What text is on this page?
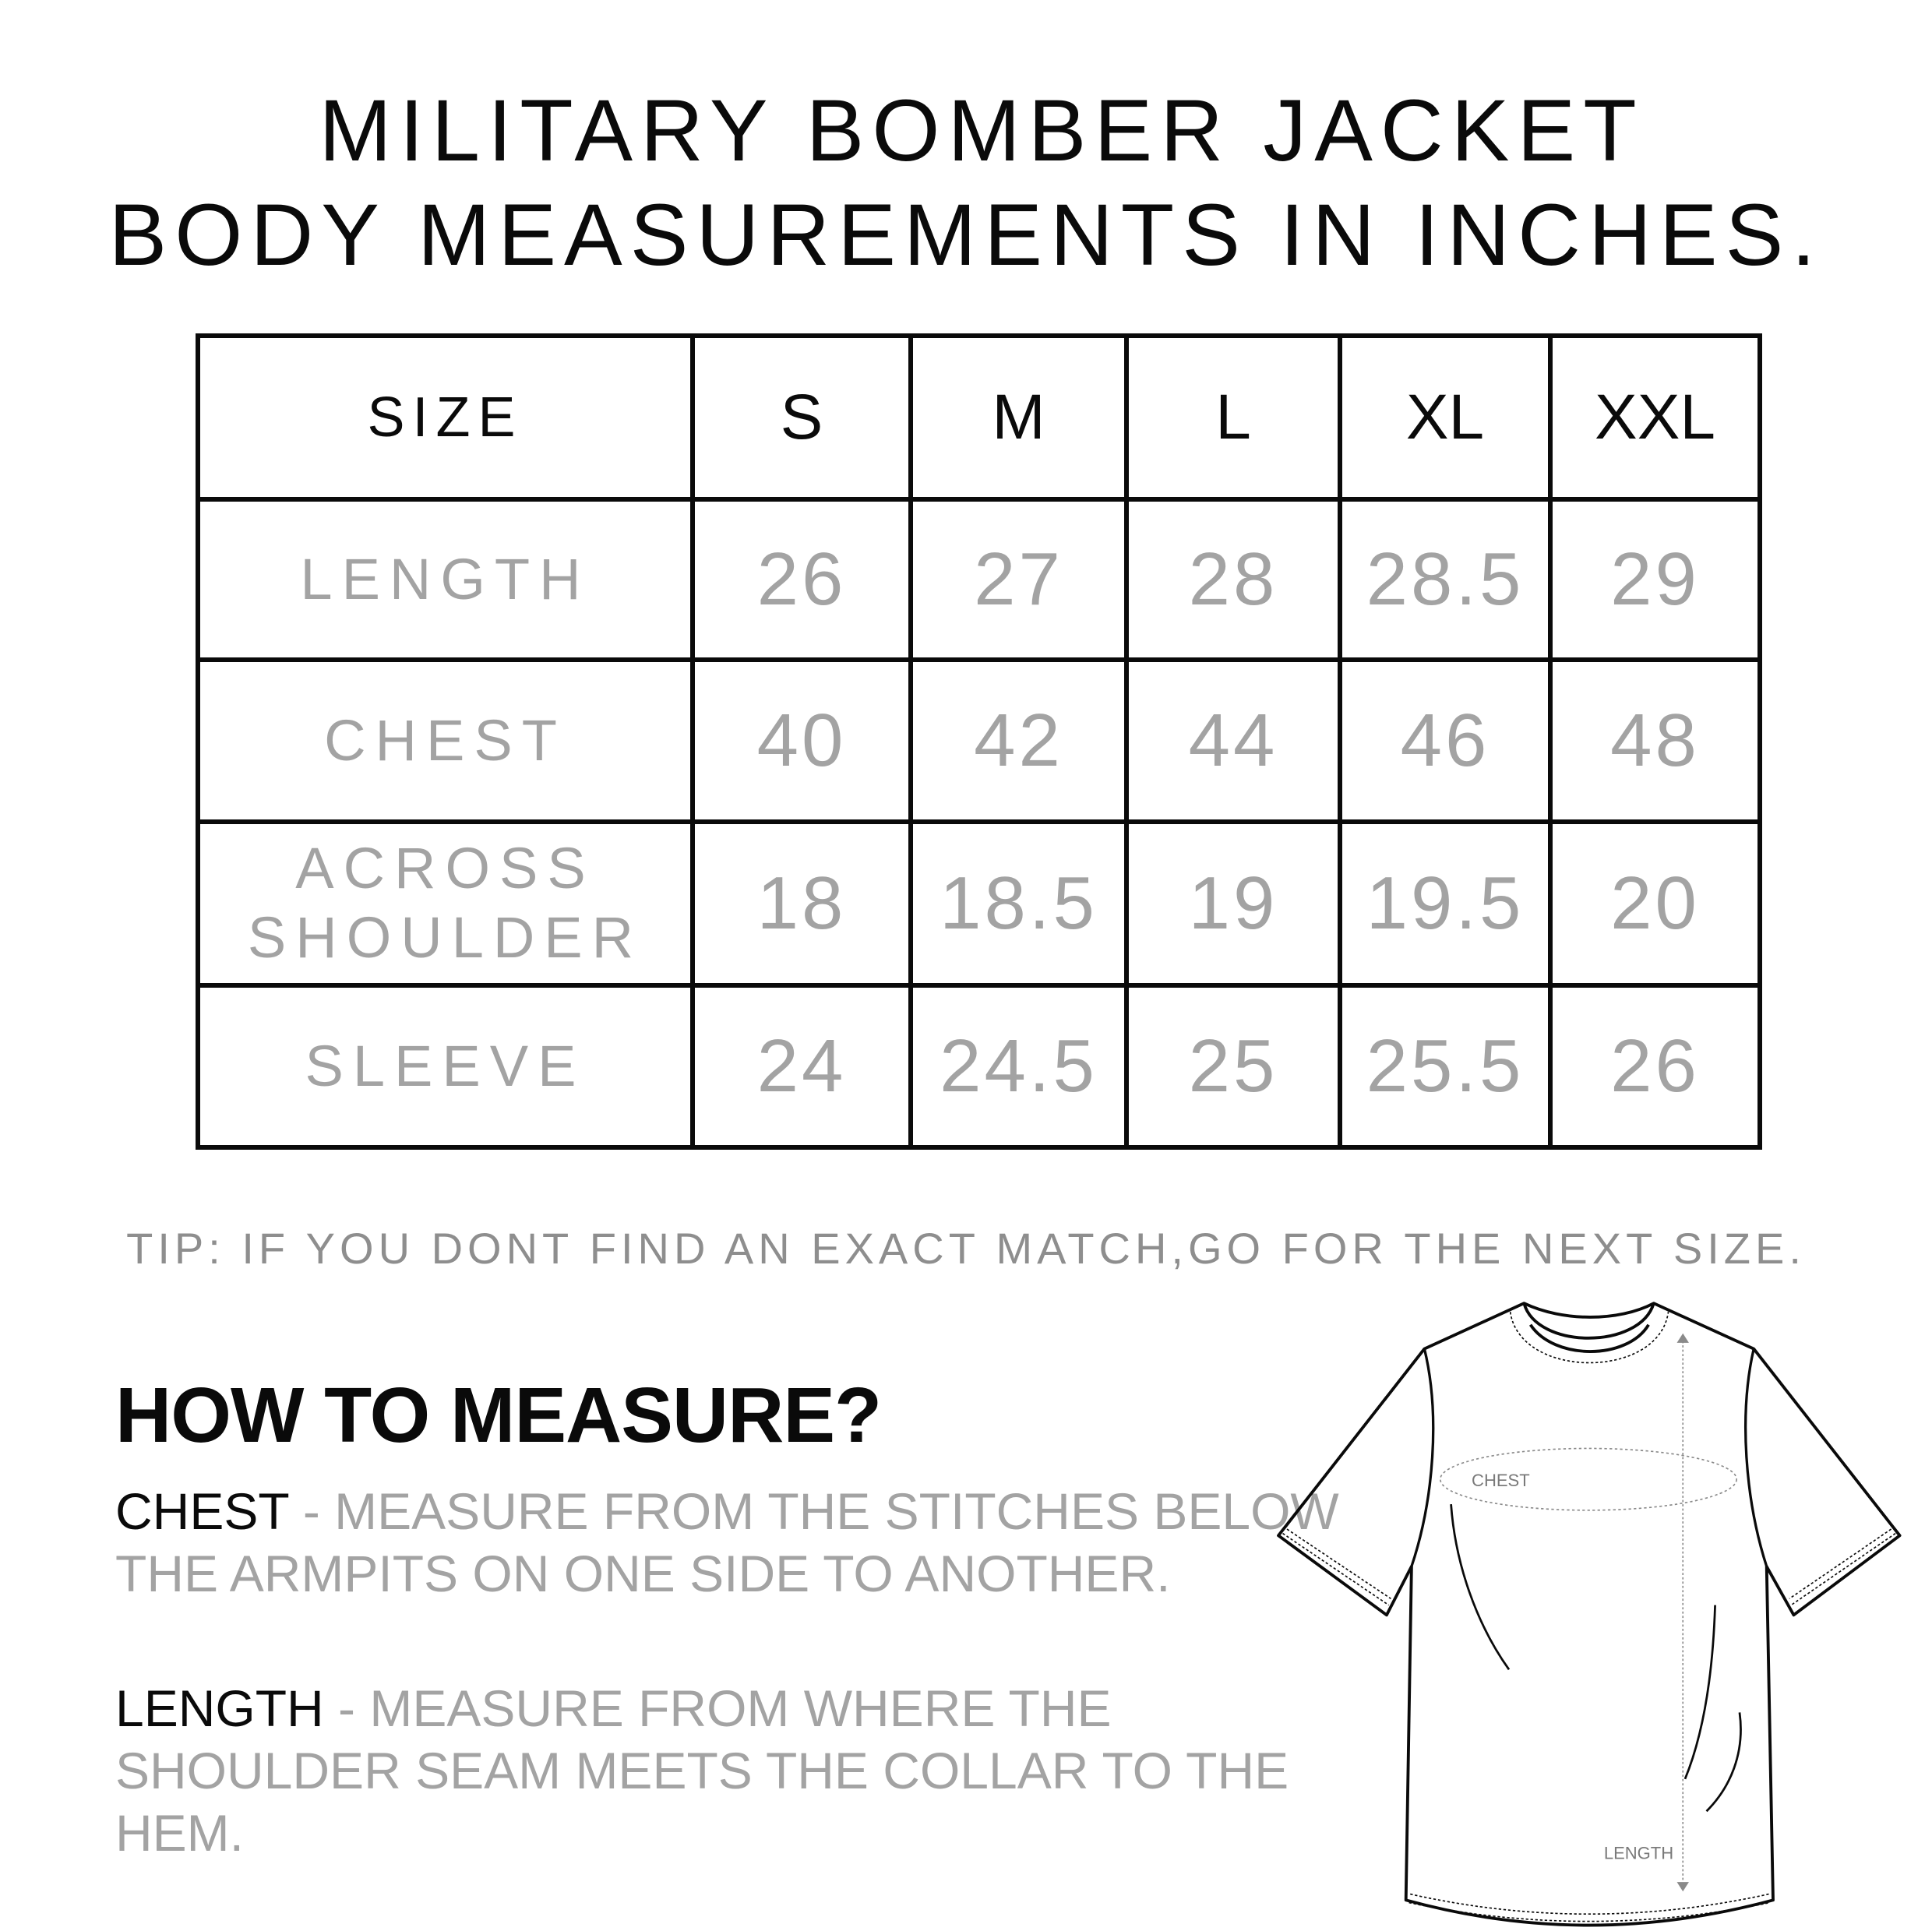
MILITARY BOMBER JACKET
BODY MEASUREMENTS IN INCHES.
SIZE	S	M	L	XL	XXL
LENGTH	26	27	28	28.5	29
CHEST	40	42	44	46	48

ACROSS
SHOULDER	18	18.5	19	19.5	20
SLEEVE	24	24.5	25	25.5	26
TIP: IF YOU DONT FIND AN EXACT MATCH,GO FOR THE NEXT SIZE.
HOW TO MEASURE?
CHEST - MEASURE FROM THE STITCHES BELOW THE ARMPITS ON ONE SIDE TO ANOTHER.
LENGTH - MEASURE FROM WHERE THE SHOULDER SEAM MEETS THE COLLAR TO THE HEM.
CHEST
LENGTH
